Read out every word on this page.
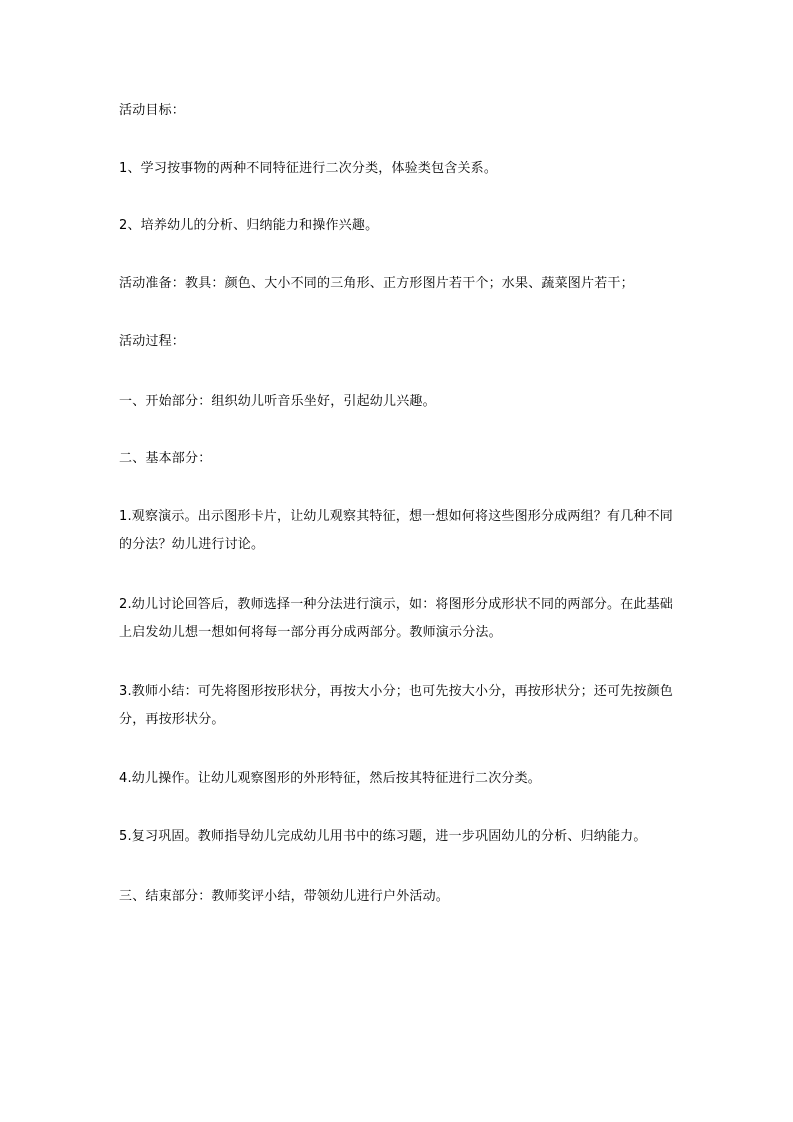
活动目标：

1、学习按事物的两种不同特征进行二次分类，体验类包含关系。

2、培养幼儿的分析、归纳能力和操作兴趣。

活动准备：教具：颜色、大小不同的三角形、正方形图片若干个；水果、蔬菜图片若干；

活动过程：

一、开始部分：组织幼儿听音乐坐好，引起幼儿兴趣。

二、基本部分：

1.观察演示。出示图形卡片，让幼儿观察其特征，想一想如何将这些图形分成两组？有几种不同的分法？幼儿进行讨论。

2.幼儿讨论回答后，教师选择一种分法进行演示，如：将图形分成形状不同的两部分。在此基础上启发幼儿想一想如何将每一部分再分成两部分。教师演示分法。

3.教师小结：可先将图形按形状分，再按大小分；也可先按大小分，再按形状分；还可先按颜色分，再按形状分。

4.幼儿操作。让幼儿观察图形的外形特征，然后按其特征进行二次分类。

5.复习巩固。教师指导幼儿完成幼儿用书中的练习题，进一步巩固幼儿的分析、归纳能力。

三、结束部分：教师奖评小结，带领幼儿进行户外活动。
